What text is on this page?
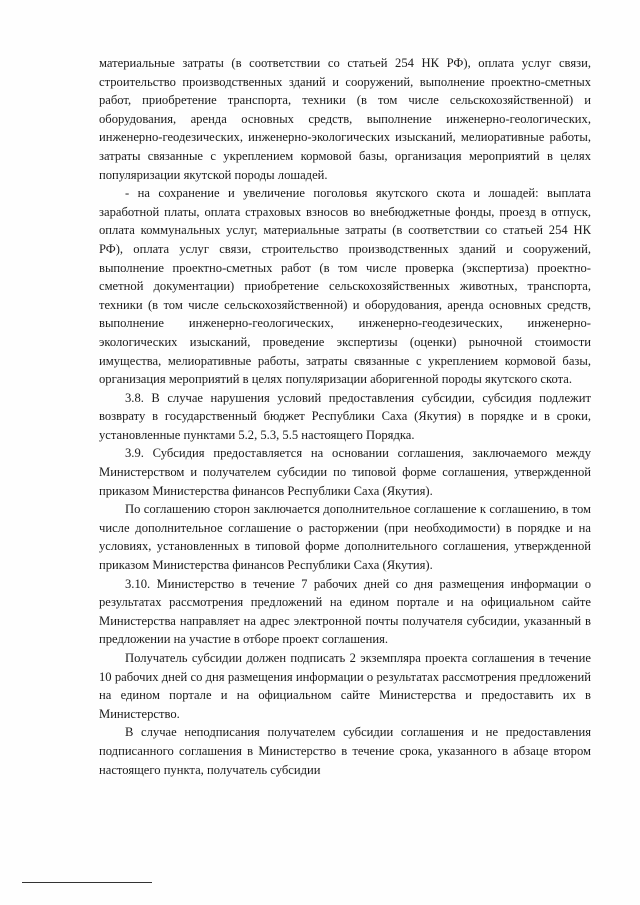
материальные затраты (в соответствии со статьей 254 НК РФ), оплата услуг связи, строительство производственных зданий и сооружений, выполнение проектно-сметных работ, приобретение транспорта, техники (в том числе сельскохозяйственной) и оборудования, аренда основных средств, выполнение инженерно-геологических, инженерно-геодезических, инженерно-экологических изысканий, мелиоративные работы, затраты связанные с укреплением кормовой базы, организация мероприятий в целях популяризации якутской породы лошадей.

- на сохранение и увеличение поголовья якутского скота и лошадей: выплата заработной платы, оплата страховых взносов во внебюджетные фонды, проезд в отпуск, оплата коммунальных услуг, материальные затраты (в соответствии со статьей 254 НК РФ), оплата услуг связи, строительство производственных зданий и сооружений, выполнение проектно-сметных работ (в том числе проверка (экспертиза) проектно-сметной документации) приобретение сельскохозяйственных животных, транспорта, техники (в том числе сельскохозяйственной) и оборудования, аренда основных средств, выполнение инженерно-геологических, инженерно-геодезических, инженерно-экологических изысканий, проведение экспертизы (оценки) рыночной стоимости имущества, мелиоративные работы, затраты связанные с укреплением кормовой базы, организация мероприятий в целях популяризации аборигенной породы якутского скота.

3.8. В случае нарушения условий предоставления субсидии, субсидия подлежит возврату в государственный бюджет Республики Саха (Якутия) в порядке и в сроки, установленные пунктами 5.2, 5.3, 5.5 настоящего Порядка.

3.9. Субсидия предоставляется на основании соглашения, заключаемого между Министерством и получателем субсидии по типовой форме соглашения, утвержденной приказом Министерства финансов Республики Саха (Якутия).

По соглашению сторон заключается дополнительное соглашение к соглашению, в том числе дополнительное соглашение о расторжении (при необходимости) в порядке и на условиях, установленных в типовой форме дополнительного соглашения, утвержденной приказом Министерства финансов Республики Саха (Якутия).

3.10. Министерство в течение 7 рабочих дней со дня размещения информации о результатах рассмотрения предложений на едином портале и на официальном сайте Министерства направляет на адрес электронной почты получателя субсидии, указанный в предложении на участие в отборе проект соглашения.

Получатель субсидии должен подписать 2 экземпляра проекта соглашения в течение 10 рабочих дней со дня размещения информации о результатах рассмотрения предложений на едином портале и на официальном сайте Министерства и предоставить их в Министерство.

В случае неподписания получателем субсидии соглашения и не предоставления подписанного соглашения в Министерство в течение срока, указанного в абзаце втором настоящего пункта, получатель субсидии
